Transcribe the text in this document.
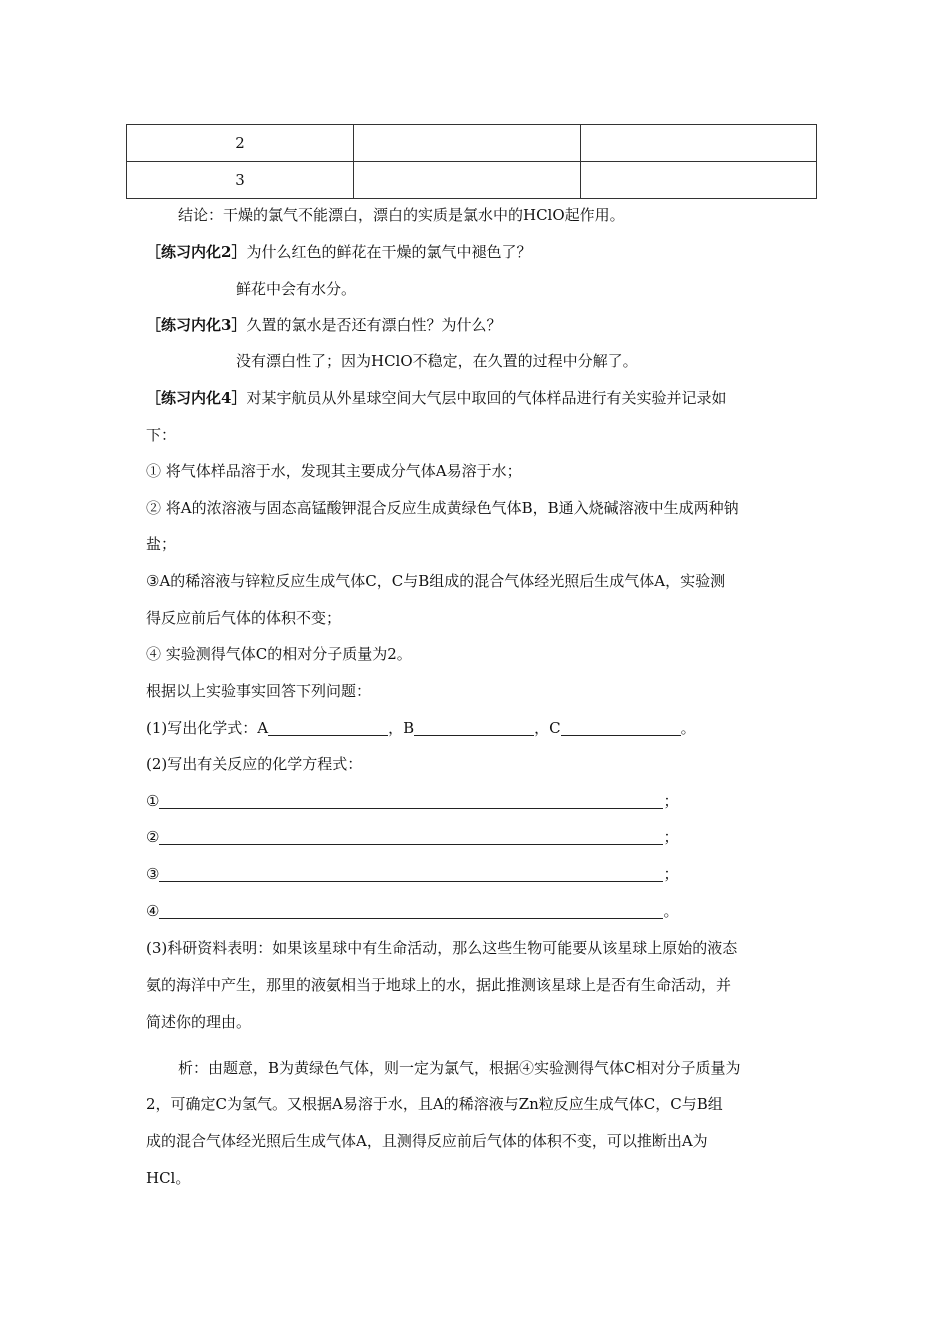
2		
3		
结论：干燥的氯气不能漂白，漂白的实质是氯水中的HClO起作用。
［练习内化2］为什么红色的鲜花在干燥的氯气中褪色了？
鲜花中会有水分。
［练习内化3］久置的氯水是否还有漂白性？为什么？
没有漂白性了；因为HClO不稳定，在久置的过程中分解了。
［练习内化4］对某宇航员从外星球空间大气层中取回的气体样品进行有关实验并记录如
下：
① 将气体样品溶于水，发现其主要成分气体A易溶于水；
② 将A的浓溶液与固态高锰酸钾混合反应生成黄绿色气体B，B通入烧碱溶液中生成两种钠
盐；
③A的稀溶液与锌粒反应生成气体C，C与B组成的混合气体经光照后生成气体A，实验测
得反应前后气体的体积不变；
④ 实验测得气体C的相对分子质量为2。
根据以上实验事实回答下列问题：
(1)写出化学式：A	，B	，C	。
(2)写出有关反应的化学方程式：
①	；
②	；
③	；
④	。
(3)科研资料表明：如果该星球中有生命活动，那么这些生物可能要从该星球上原始的液态
氨的海洋中产生，那里的液氨相当于地球上的水，据此推测该星球上是否有生命活动，并
简述你的理由。
析：由题意，B为黄绿色气体，则一定为氯气，根据④实验测得气体C相对分子质量为
2，可确定C为氢气。又根据A易溶于水，且A的稀溶液与Zn粒反应生成气体C，C与B组
成的混合气体经光照后生成气体A，且测得反应前后气体的体积不变，可以推断出A为
HCl。
